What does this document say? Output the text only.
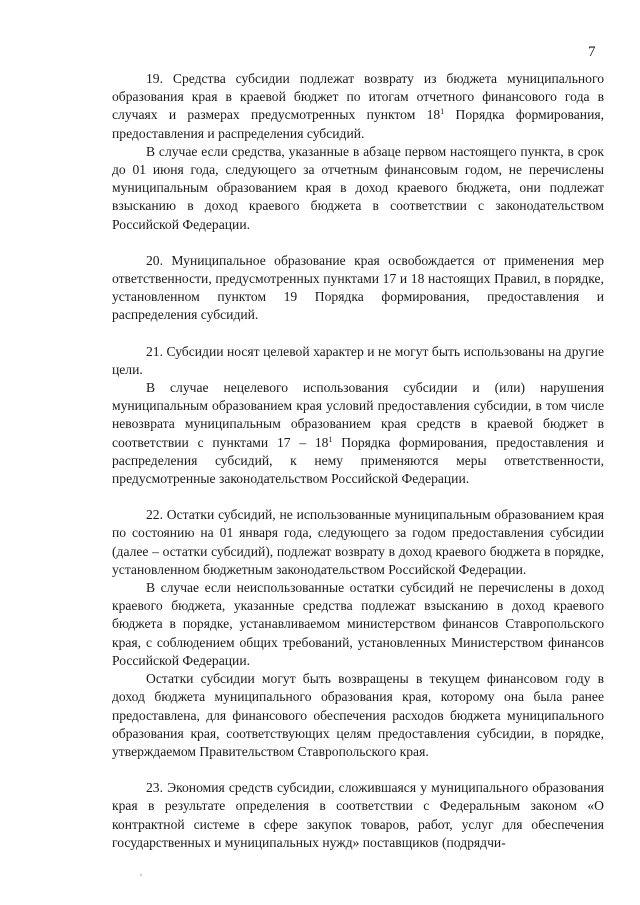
7

19. Средства субсидии подлежат возврату из бюджета муниципального образования края в краевой бюджет по итогам отчетного финансового года в случаях и размерах предусмотренных пунктом $18^1$ Порядка формирования, предоставления и распределения субсидий.

В случае если средства, указанные в абзаце первом настоящего пункта, в срок до 01 июня года, следующего за отчетным финансовым годом, не перечислены муниципальным образованием края в доход краевого бюджета, они подлежат взысканию в доход краевого бюджета в соответствии с законодательством Российской Федерации.

20. Муниципальное образование края освобождается от применения мер ответственности, предусмотренных пунктами 17 и 18 настоящих Правил, в порядке, установленном пунктом 19 Порядка формирования, предоставления и распределения субсидий.

21. Субсидии носят целевой характер и не могут быть использованы на другие цели.

В случае нецелевого использования субсидии и (или) нарушения муниципальным образованием края условий предоставления субсидии, в том числе невозврата муниципальным образованием края средств в краевой бюджет в соответствии с пунктами $17 - 18^1$ Порядка формирования, предоставления и распределения субсидий, к нему применяются меры ответственности, предусмотренные законодательством Российской Федерации.

22. Остатки субсидий, не использованные муниципальным образованием края по состоянию на 01 января года, следующего за годом предоставления субсидии (далее – остатки субсидий), подлежат возврату в доход краевого бюджета в порядке, установленном бюджетным законодательством Российской Федерации.

В случае если неиспользованные остатки субсидий не перечислены в доход краевого бюджета, указанные средства подлежат взысканию в доход краевого бюджета в порядке, устанавливаемом министерством финансов Ставропольского края, с соблюдением общих требований, установленных Министерством финансов Российской Федерации.

Остатки субсидии могут быть возвращены в текущем финансовом году в доход бюджета муниципального образования края, которому она была ранее предоставлена, для финансового обеспечения расходов бюджета муниципального образования края, соответствующих целям предоставления субсидии, в порядке, утверждаемом Правительством Ставропольского края.

23. Экономия средств субсидии, сложившаяся у муниципального образования края в результате определения в соответствии с Федеральным законом «О контрактной системе в сфере закупок товаров, работ, услуг для обеспечения государственных и муниципальных нужд» поставщиков (подрядчи-
